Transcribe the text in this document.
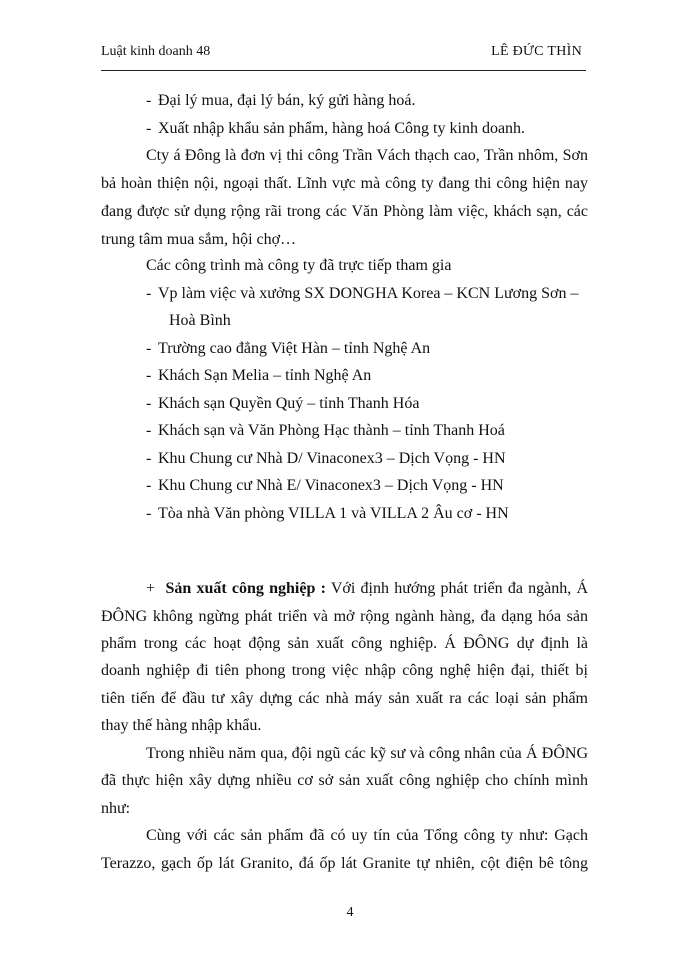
Luật kinh doanh 48	LÊ ĐỨC THÌN
- Đại lý mua, đại lý bán, ký gửi hàng hoá.
- Xuất nhập khẩu sản phẩm, hàng hoá Công ty kinh doanh.
Cty á Đông là đơn vị thi công Trần Vách thạch cao, Trần nhôm, Sơn
bả hoàn thiện nội, ngoại thất. Lĩnh vực mà công ty đang thi công hiện nay
đang được sử dụng rộng rãi trong các Văn Phòng làm việc, khách sạn, các
trung tâm mua sắm, hội chợ…
Các công trình mà công ty đã trực tiếp tham gia
- Vp làm việc và xưởng SX DONGHA Korea – KCN Lương Sơn –
Hoà Bình
- Trường cao đẳng Việt Hàn – tỉnh Nghệ An
- Khách Sạn Melia – tỉnh Nghệ An
- Khách sạn Quyền Quý – tỉnh Thanh Hóa
- Khách sạn và Văn Phòng Hạc thành – tỉnh Thanh Hoá
- Khu Chung cư Nhà D/ Vinaconex3 – Dịch Vọng - HN
- Khu Chung cư Nhà E/ Vinaconex3 – Dịch Vọng - HN
- Tòa nhà Văn phòng VILLA 1 và VILLA 2 Âu cơ - HN
+ Sản xuất công nghiệp : Với định hướng phát triển đa ngành, Á
ĐÔNG không ngừng phát triển và mở rộng ngành hàng, đa dạng hóa sản
phẩm trong các hoạt động sản xuất công nghiệp. Á ĐÔNG dự định là
doanh nghiệp đi tiên phong trong việc nhập công nghệ hiện đại, thiết bị
tiên tiến để đầu tư xây dựng các nhà máy sản xuất ra các loại sản phẩm
thay thế hàng nhập khẩu.
Trong nhiều năm qua, đội ngũ các kỹ sư và công nhân của Á ĐÔNG
đã thực hiện xây dựng nhiều cơ sở sản xuất công nghiệp cho chính mình
như:
Cùng với các sản phẩm đã có uy tín của Tổng công ty như: Gạch
Terazzo, gạch ốp lát Granito, đá ốp lát Granite tự nhiên, cột điện bê tông
4
